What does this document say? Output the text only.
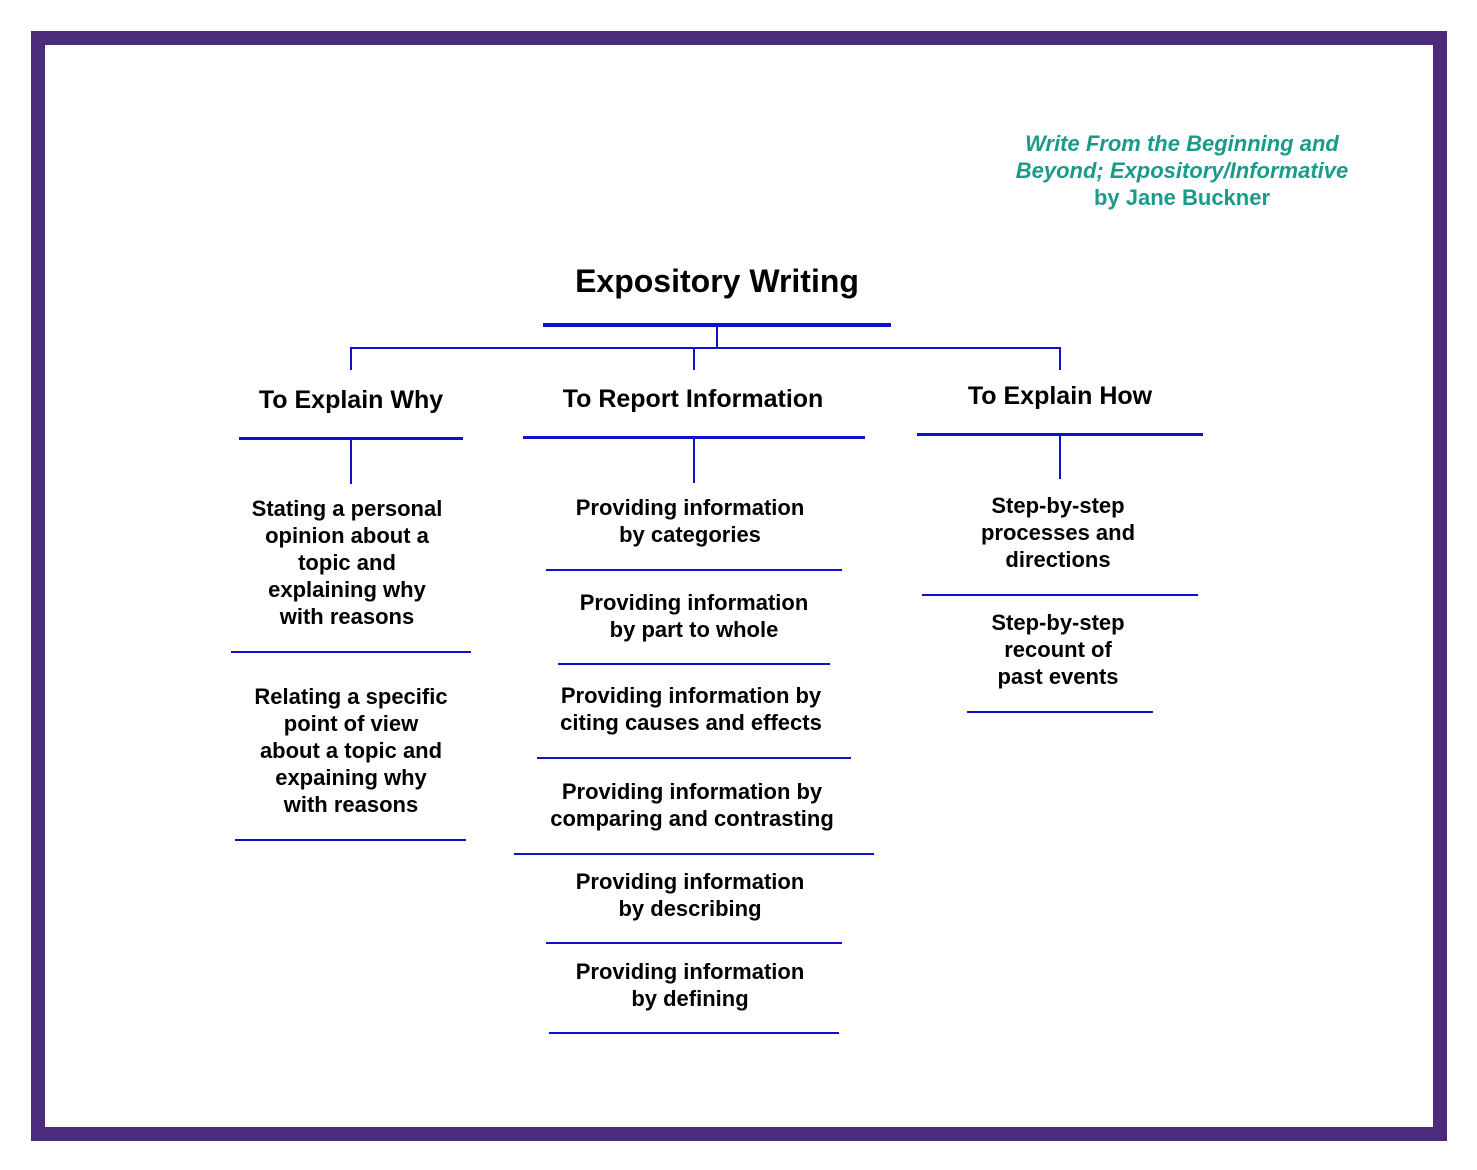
Write From the Beginning and
Beyond; Expository/Informative
by Jane Buckner
Expository Writing
To Explain Why
Stating a personal
opinion about a
topic and
explaining why
with reasons
Relating a specific
point of view
about a topic and
expaining why
with reasons
To Report Information
Providing information
by categories
Providing information
by part to whole
Providing information by
citing causes and effects
Providing information by
comparing and contrasting
Providing information
by describing
Providing information
by defining
To Explain How
Step-by-step
processes and
directions
Step-by-step
recount of
past events
